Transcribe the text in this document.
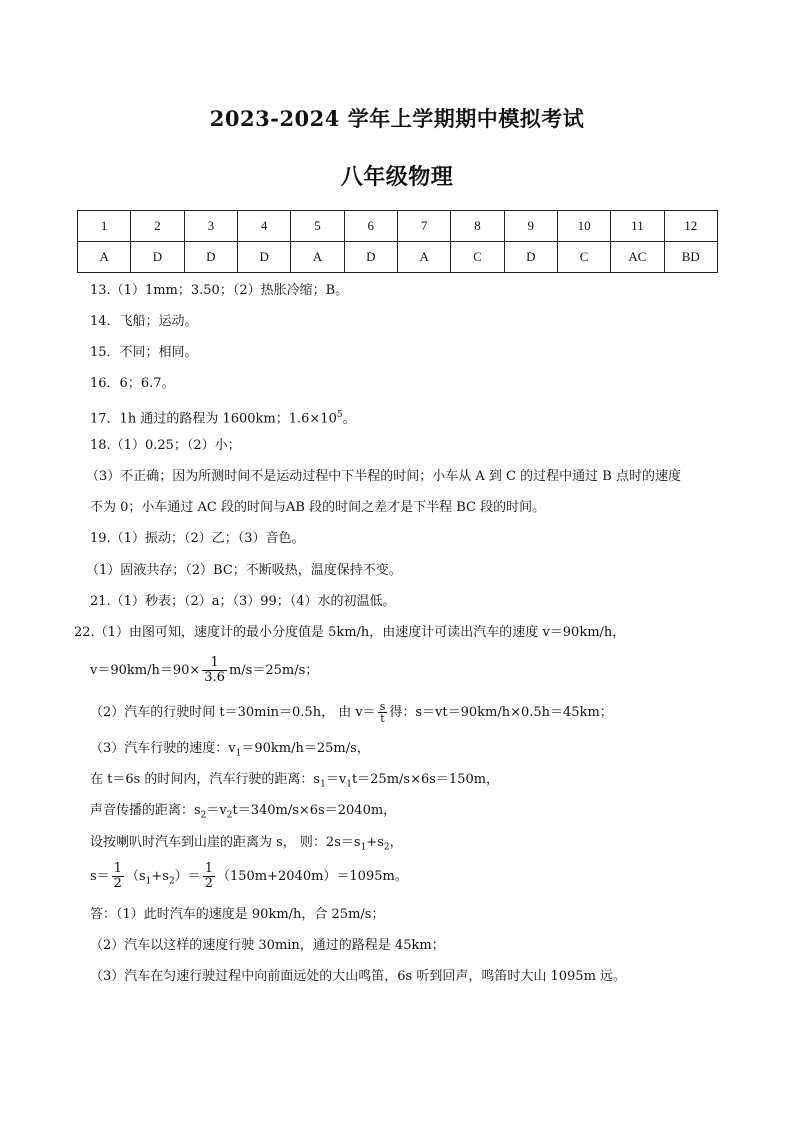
2023-2024 学年上学期期中模拟考试
八年级物理
1	2	3	4	5	6	7	8	9	10	11	12
A	D	D	D	A	D	A	C	D	C	AC	BD
13.（1）1mm；3.50；（2）热胀冷缩；B。
14．飞船；运动。
15．不同；相同。
16．6；6.7。
17．1h 通过的路程为 1600km；$1.6\times 10^5$。
18.（1）0.25；（2）小；
（3）不正确；因为所测时间不是运动过程中下半程的时间；小车从 A 到 C 的过程中通过 B 点时的速度
不为 0；小车通过 AC 段的时间与AB 段的时间之差才是下半程 BC 段的时间。
19.（1）振动；（2）乙；（3）音色。
（1）固液共存；（2）BC；不断吸热，温度保持不变。
21.（1）秒表；（2）a；（3）99；（4）水的初温低。
22.（1）由图可知，速度计的最小分度值是 5km/h，由速度计可读出汽车的速度 v＝90km/h，
$v=90km/h=90\times \frac{1}{3.6} m/s=25m/s$；
（2）汽车的行驶时间 t＝30min＝0.5h， 由 $v= \frac{s}{t}$ 得：s＝vt＝90km/h×0.5h＝45km；
（3）汽车行驶的速度：$v_1=90km/h=25m/s$，
在 t＝6s 的时间内，汽车行驶的距离：$s_1=v_1t=25m/s\times 6s=150m$，
声音传播的距离：$s_2=v_2t=340m/s\times 6s=2040m$，
设按喇叭时汽车到山崖的距离为 s， 则：$2s=s_1+s_2$，
$s= \frac{1}{2} (s_1+s_2)= \frac{1}{2} (150m+2040m)=1095m$。
答：（1）此时汽车的速度是 90km/h，合 25m/s；
（2）汽车以这样的速度行驶 30min，通过的路程是 45km；
（3）汽车在匀速行驶过程中向前面远处的大山鸣笛，6s 听到回声，鸣笛时大山 1095m 远。
